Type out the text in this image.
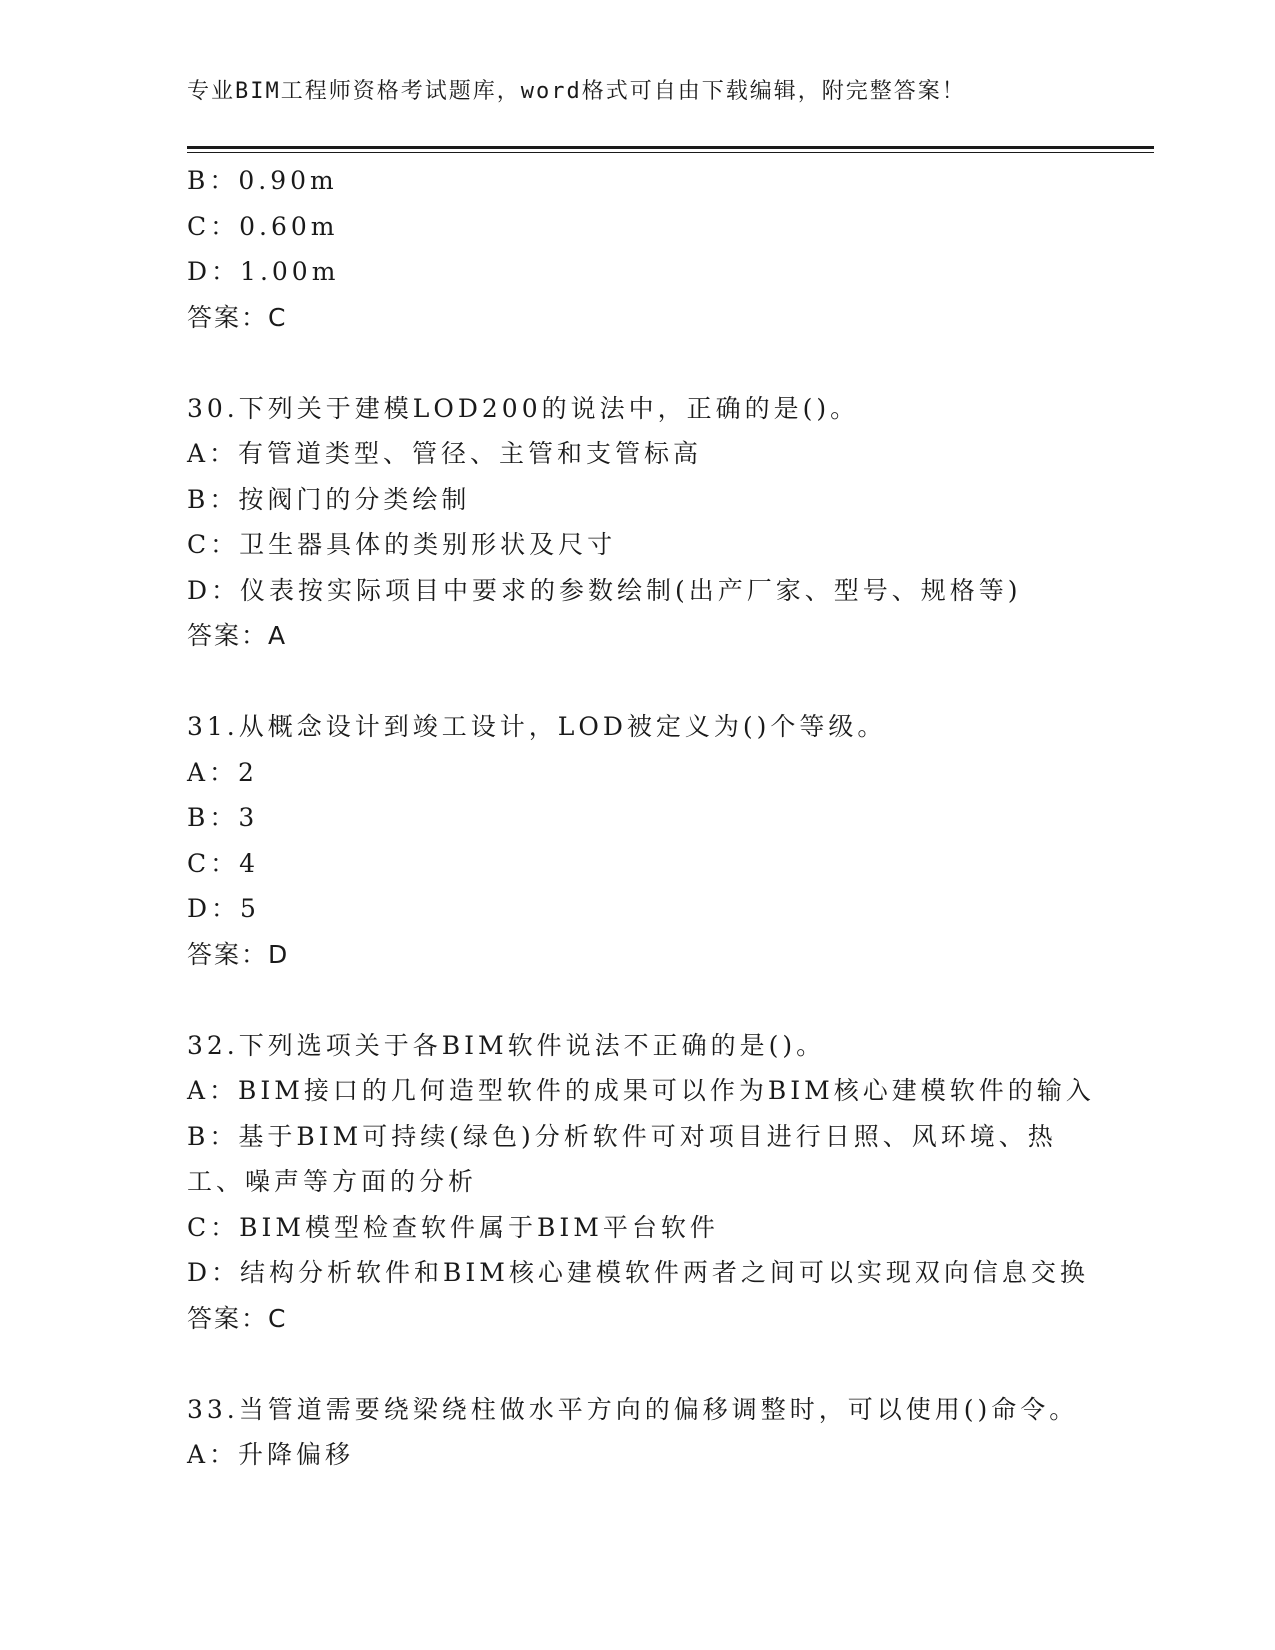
专业BIM工程师资格考试题库，word格式可自由下载编辑，附完整答案！
B：0.90m
C：0.60m
D：1.00m
答案：C
30.下列关于建模LOD200的说法中，正确的是()。
A：有管道类型、管径、主管和支管标高
B：按阀门的分类绘制
C：卫生器具体的类别形状及尺寸
D：仪表按实际项目中要求的参数绘制(出产厂家、型号、规格等)
答案：A
31.从概念设计到竣工设计，LOD被定义为()个等级。
A：2
B：3
C：4
D：5
答案：D
32.下列选项关于各BIM软件说法不正确的是()。
A：BIM接口的几何造型软件的成果可以作为BIM核心建模软件的输入
B：基于BIM可持续(绿色)分析软件可对项目进行日照、风环境、热工、噪声等方面的分析
C：BIM模型检查软件属于BIM平台软件
D：结构分析软件和BIM核心建模软件两者之间可以实现双向信息交换
答案：C
33.当管道需要绕梁绕柱做水平方向的偏移调整时，可以使用()命令。
A：升降偏移
